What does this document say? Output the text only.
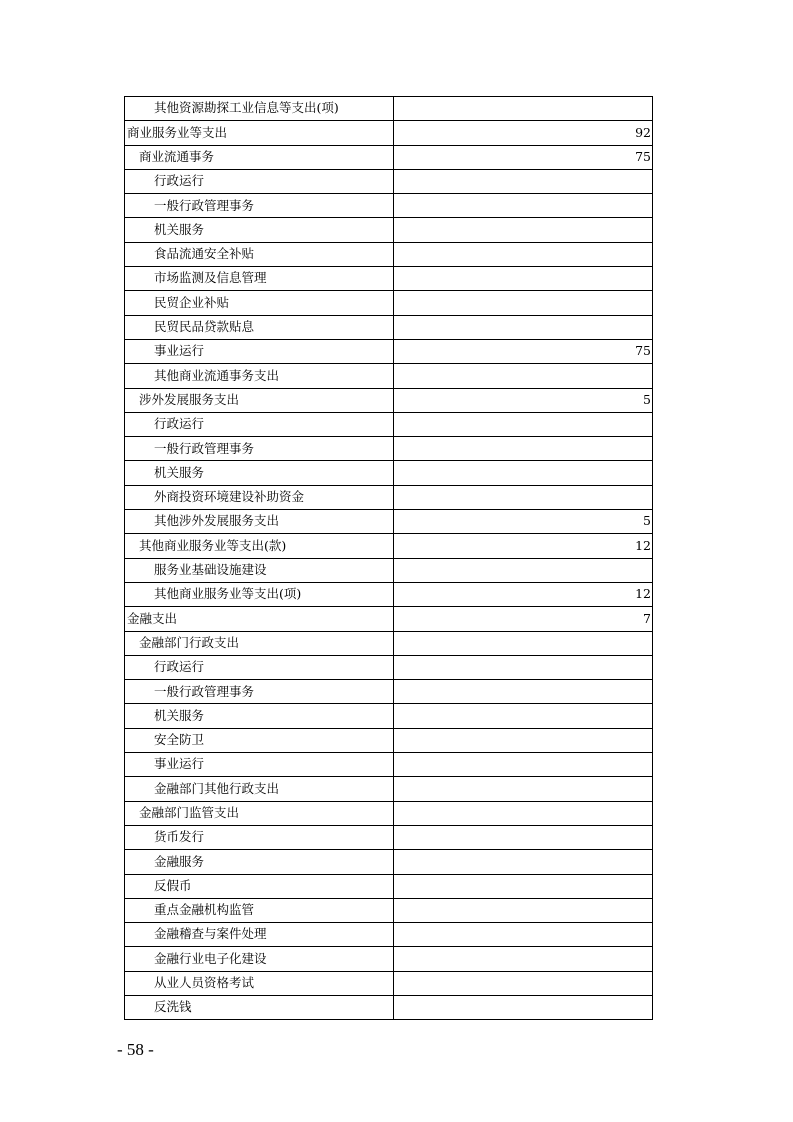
其他资源勘探工业信息等支出(项)	
商业服务业等支出	92
商业流通事务	75
行政运行	
一般行政管理事务	
机关服务	
食品流通安全补贴	
市场监测及信息管理	
民贸企业补贴	
民贸民品贷款贴息	
事业运行	75
其他商业流通事务支出	
涉外发展服务支出	5
行政运行	
一般行政管理事务	
机关服务	
外商投资环境建设补助资金	
其他涉外发展服务支出	5
其他商业服务业等支出(款)	12
服务业基础设施建设	
其他商业服务业等支出(项)	12
金融支出	7
金融部门行政支出	
行政运行	
一般行政管理事务	
机关服务	
安全防卫	
事业运行	
金融部门其他行政支出	
金融部门监管支出	
货币发行	
金融服务	
反假币	
重点金融机构监管	
金融稽查与案件处理	
金融行业电子化建设	
从业人员资格考试	
反洗钱	
- 58 -
